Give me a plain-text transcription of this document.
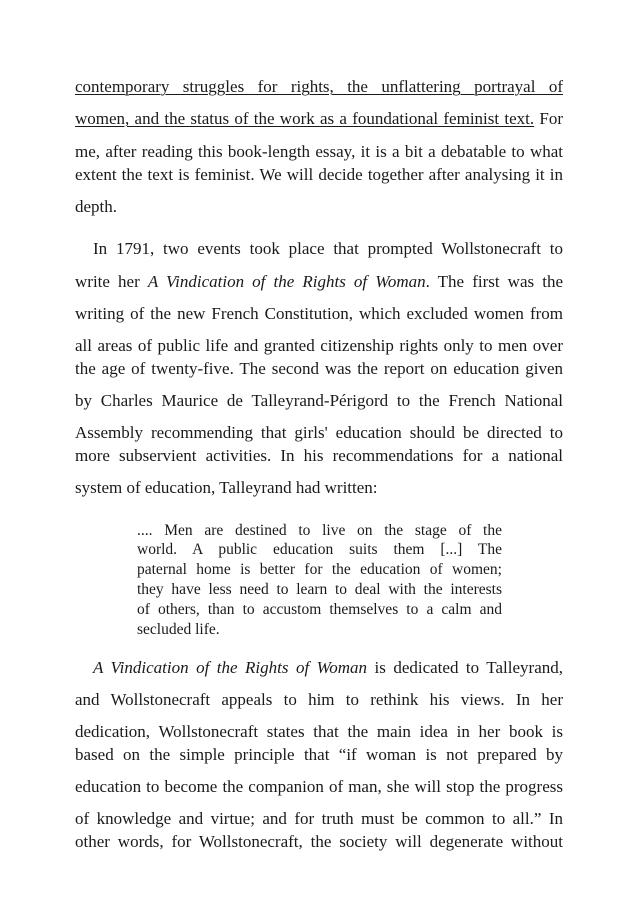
contemporary struggles for rights, the unflattering portrayal of
women, and the status of the work as a foundational feminist text. For
me, after reading this book-length essay, it is a bit a debatable to what
extent the text is feminist. We will decide together after analysing it in
depth.
In 1791, two events took place that prompted Wollstonecraft to
write her A Vindication of the Rights of Woman. The first was the
writing of the new French Constitution, which excluded women from
all areas of public life and granted citizenship rights only to men over
the age of twenty-five. The second was the report on education given
by Charles Maurice de Talleyrand-Périgord to the French National
Assembly recommending that girls' education should be directed to
more subservient activities. In his recommendations for a national
system of education, Talleyrand had written:
.... Men are destined to live on the stage of the
world. A public education suits them [...] The
paternal home is better for the education of women;
they have less need to learn to deal with the interests
of others, than to accustom themselves to a calm and
secluded life.
A Vindication of the Rights of Woman is dedicated to Talleyrand,
and Wollstonecraft appeals to him to rethink his views. In her
dedication, Wollstonecraft states that the main idea in her book is
based on the simple principle that “if woman is not prepared by
education to become the companion of man, she will stop the progress
of knowledge and virtue; and for truth must be common to all.” In
other words, for Wollstonecraft, the society will degenerate without
